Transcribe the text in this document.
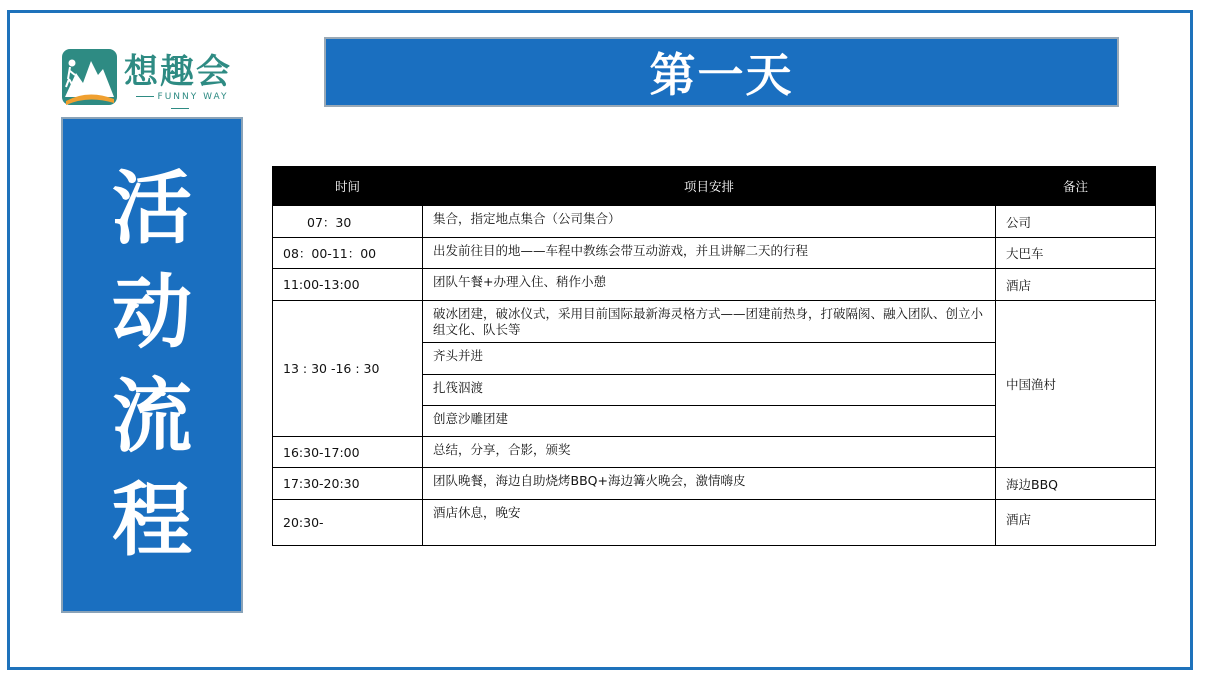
想趣会
FUNNY WAY
活动流程
第一天
时间	项目安排	备注
07：30	集合，指定地点集合（公司集合）	公司
08：00-11：00	出发前往目的地——车程中教练会带互动游戏，并且讲解二天的行程	大巴车
11:00-13:00	团队午餐+办理入住、稍作小憩	酒店
13 : 30 -16 : 30	破冰团建，破冰仪式，采用目前国际最新海灵格方式——团建前热身，打破隔阂、融入团队、创立小组文化、队长等	中国渔村
	齐头并进	
	扎筏泅渡	
	创意沙雕团建	
16:30-17:00	总结，分享，合影，颁奖	
17:30-20:30	团队晚餐，海边自助烧烤BBQ+海边篝火晚会，激情嗨皮	海边BBQ
20:30-	酒店休息，晚安	酒店
